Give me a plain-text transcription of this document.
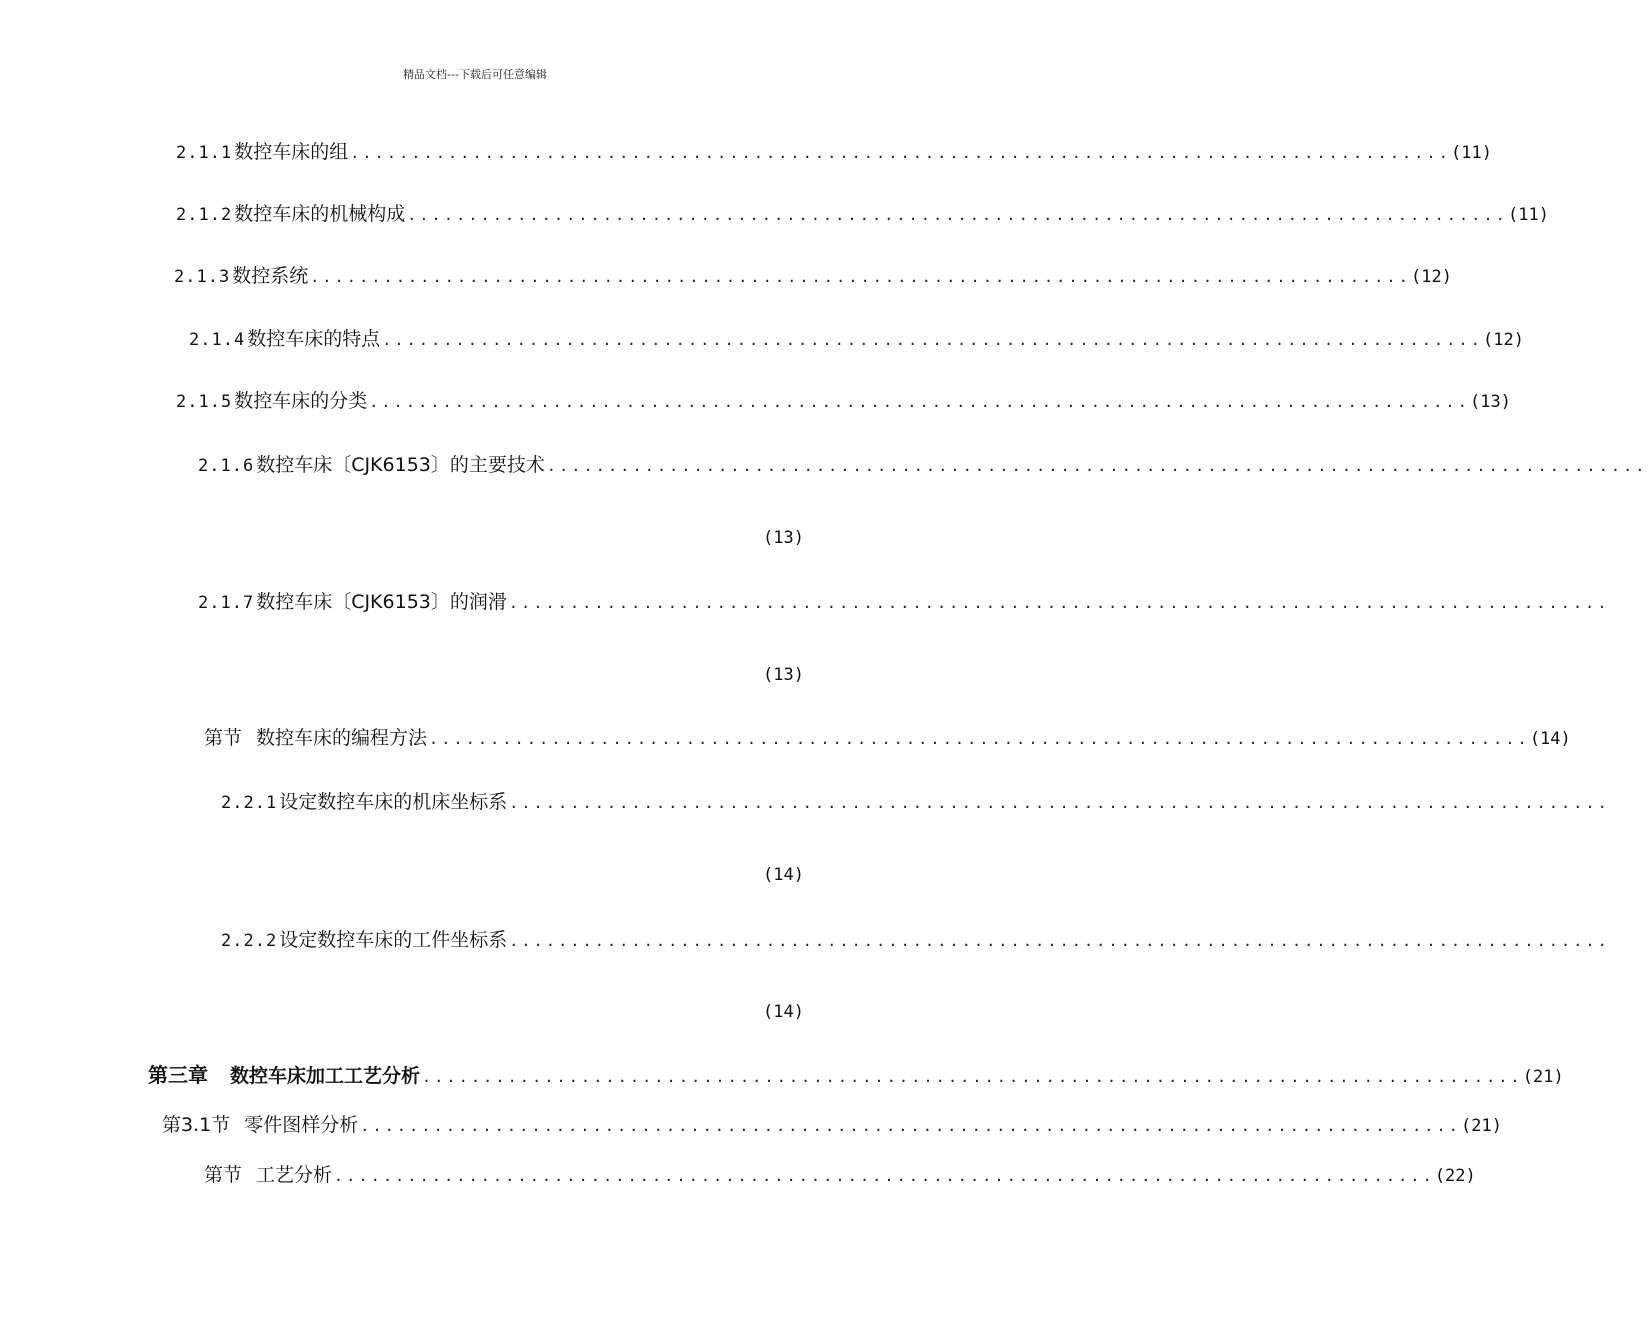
精品文档---下载后可任意编辑
2.1.1 数控车床的组 .......................................................................................... (11)
2.1.2 数控车床的机械构成 .......................................................................................... (11)
2.1.3 数控系统 .......................................................................................... (12)
2.1.4 数控车床的特点 .......................................................................................... (12)
2.1.5 数控车床的分类 .......................................................................................... (13)
2.1.6 数控车床〔CJK6153〕的主要技术 ..........................................................................................
(13)
2.1.7 数控车床〔CJK6153〕的润滑 ..........................................................................................
(13)
第节 数控车床的编程方法 .......................................................................................... (14)
2.2.1 设定数控车床的机床坐标系 ..........................................................................................
(14)
2.2.2 设定数控车床的工件坐标系 ..........................................................................................
(14)
第三章 数控车床加工工艺分析 .......................................................................................... (21)
第3.1节 零件图样分析 .......................................................................................... (21)
第节 工艺分析 .......................................................................................... (22)
